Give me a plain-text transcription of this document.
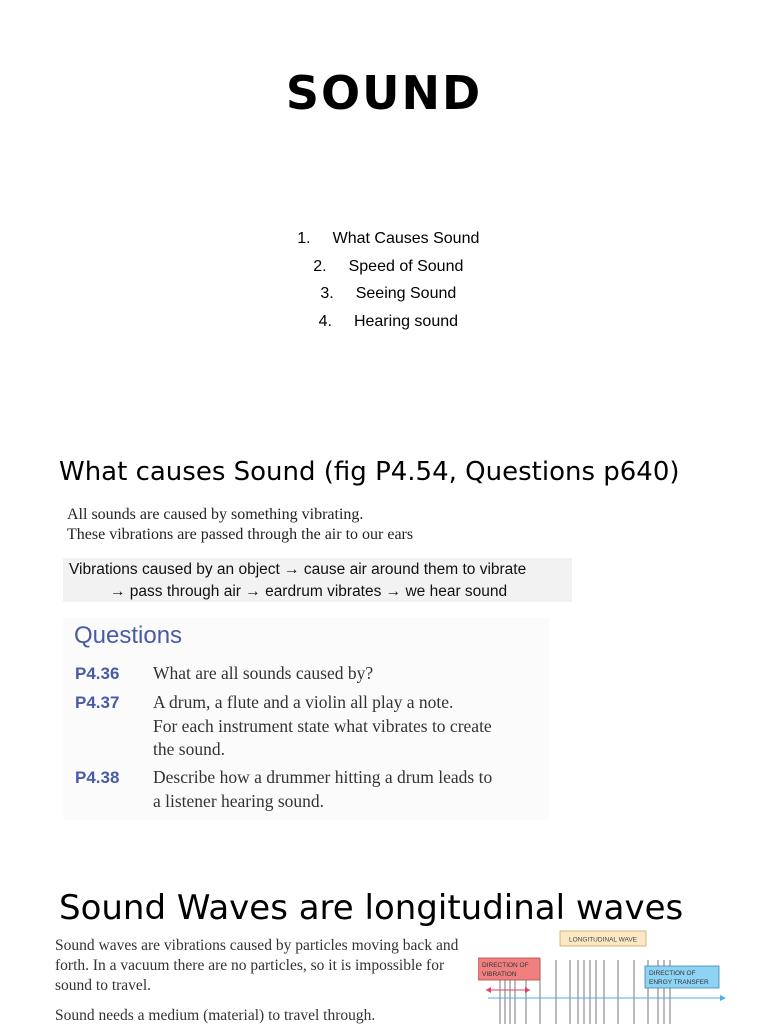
SOUND
1. What Causes Sound
2. Speed of Sound
3. Seeing Sound
4. Hearing sound
What causes Sound (fig P4.54, Questions p640)
All sounds are caused by something vibrating.
These vibrations are passed through the air to our ears
Vibrations caused by an object → cause air around them to vibrate
→ pass through air → eardrum vibrates → we hear sound
Questions
P4.36 What are all sounds caused by?
P4.37 A drum, a flute and a violin all play a note.
For each instrument state what vibrates to create
the sound.
P4.38 Describe how a drummer hitting a drum leads to
a listener hearing sound.
Sound Waves are longitudinal waves

Sound waves are vibrations caused by particles moving back and forth. In a vacuum there are no particles, so it is impossible for sound to travel.

Sound needs a medium (material) to travel through.

LONGITUDINAL WAVE
DIRECTION OF
VIBRATION	DIRECTION OF
ENRGY TRANSFER
